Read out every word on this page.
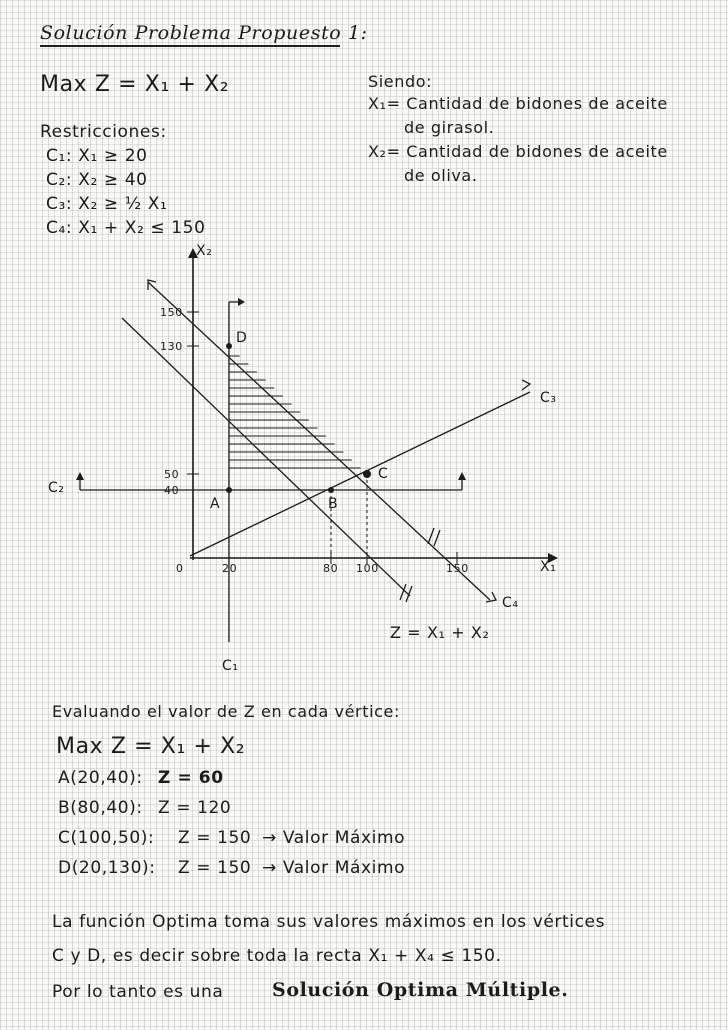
Solución Problema Propuesto 1:
Max Z = X₁ + X₂
Restricciones:
C₁: X₁ ≥ 20
C₂: X₂ ≥ 40
C₃: X₂ ≥ ½ X₁
C₄: X₁ + X₂ ≤ 150
Siendo:
X₁= Cantidad de bidones de aceite
de girasol.
X₂= Cantidad de bidones de aceite
de oliva.
X₂
X₁
0	20	80 100	150
150
130
50
40
A	B
C
D
C₁
C₂
C₃
C₄
Z = X₁ + X₂
Evaluando el valor de Z en cada vértice:
Max Z = X₁ + X₂
A(20,40): Z = 60
B(80,40): Z = 120
C(100,50): Z = 150 → Valor Máximo
D(20,130): Z = 150 → Valor Máximo
La función Optima toma sus valores máximos en los vértices
C y D, es decir sobre toda la recta X₁ + X₄ ≤ 150.
Por lo tanto es una	Solución Optima Múltiple.
